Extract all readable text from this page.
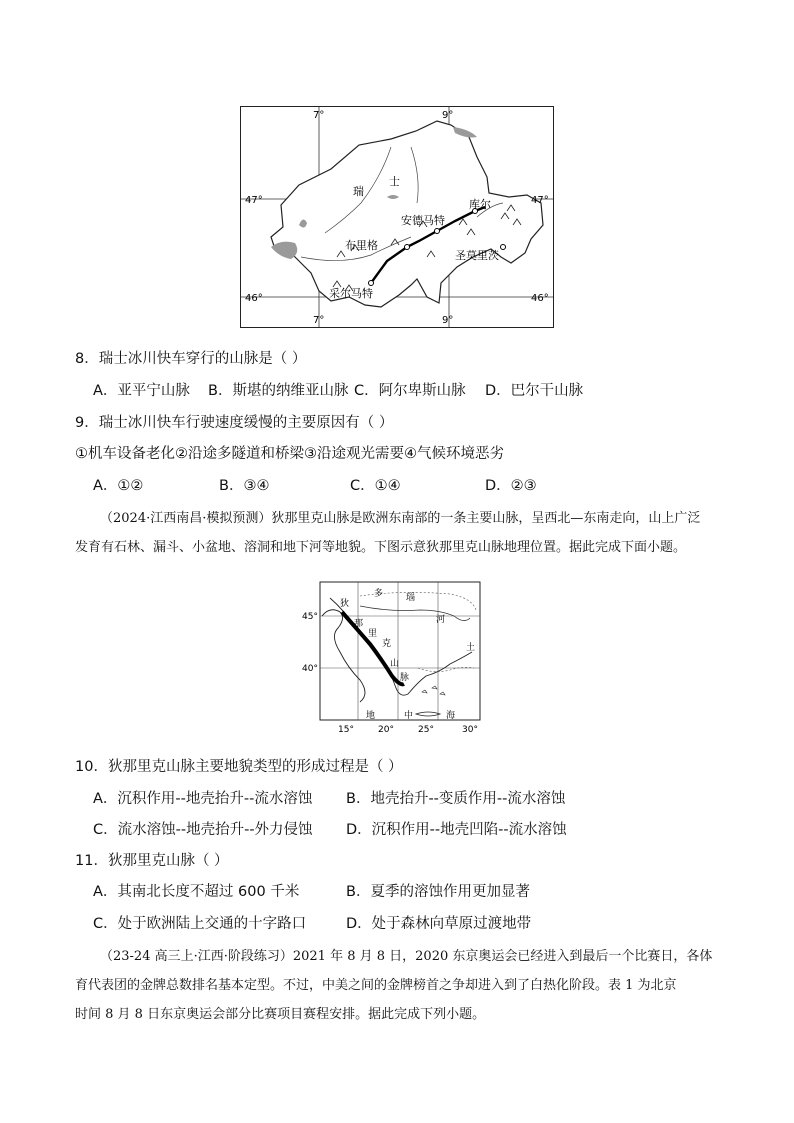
7°	9°
7°	9°
47°	47°
46°	46°
瑞
士
安德马特
库尔
布里格
圣莫里茨
采尔马特
8．瑞士冰川快车穿行的山脉是（ ）
A．亚平宁山脉 B．斯堪的纳维亚山脉 C．阿尔卑斯山脉 D．巴尔干山脉
9．瑞士冰川快车行驶速度缓慢的主要原因有（ ）
①机车设备老化②沿途多隧道和桥梁③沿途观光需要④气候环境恶劣
A．①②	B．③④	C．①④	D．②③
（2024·江西南昌·模拟预测）狄那里克山脉是欧洲东南部的一条主要山脉，呈西北—东南走向，山上广泛
发育有石林、漏斗、小盆地、溶洞和地下河等地貌。下图示意狄那里克山脉地理位置。据此完成下面小题。
45°
40°
15°	20°	25°	30°
狄
那
里
克
山
脉
多	瑙
河
土
地	中	海
10．狄那里克山脉主要地貌类型的形成过程是（ ）
A．沉积作用--地壳抬升--流水溶蚀 B．地壳抬升--变质作用--流水溶蚀
C．流水溶蚀--地壳抬升--外力侵蚀 D．沉积作用--地壳凹陷--流水溶蚀
11．狄那里克山脉（ ）
A．其南北长度不超过 600 千米	B．夏季的溶蚀作用更加显著
C．处于欧洲陆上交通的十字路口	D．处于森林向草原过渡地带
（23-24 高三上·江西·阶段练习）2021 年 8 月 8 日，2020 东京奥运会已经进入到最后一个比赛日，各体
育代表团的金牌总数排名基本定型。不过，中美之间的金牌榜首之争却进入到了白热化阶段。表 1 为北京
时间 8 月 8 日东京奥运会部分比赛项目赛程安排。据此完成下列小题。
